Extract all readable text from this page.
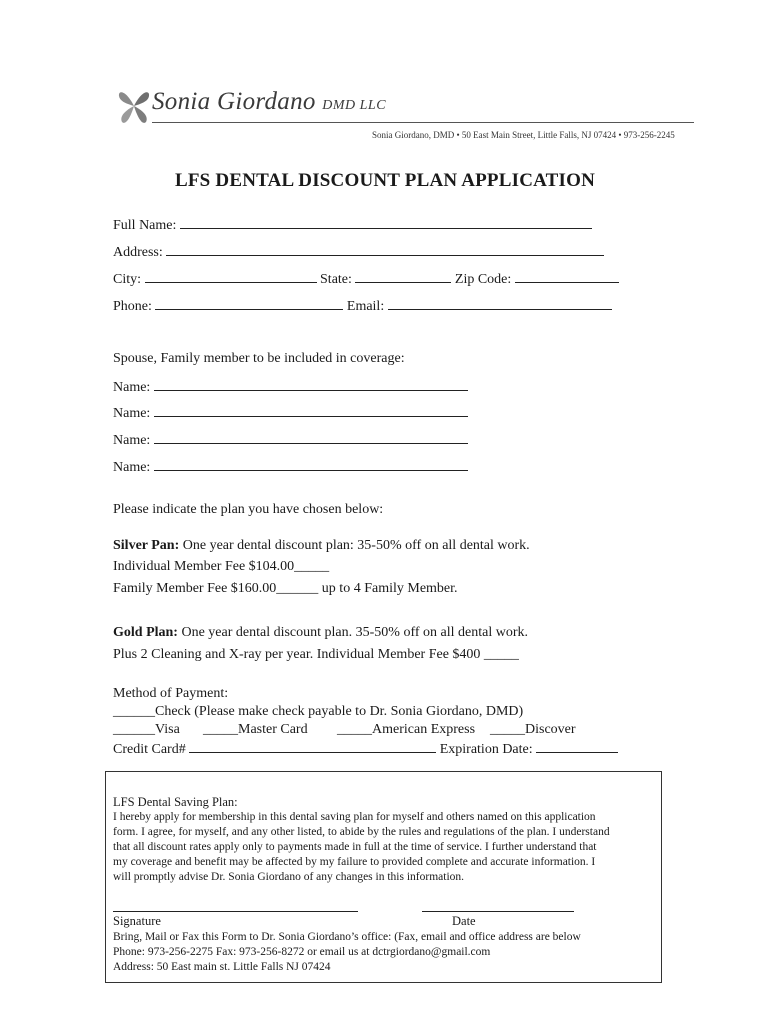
Sonia Giordano DMD LLC
Sonia Giordano, DMD • 50 East Main Street, Little Falls, NJ 07424 • 973-256-2245
LFS DENTAL DISCOUNT PLAN APPLICATION
Full Name:
Address:
City:	State:	Zip Code:
Phone:	Email:
Spouse, Family member to be included in coverage:
Name:
Name:
Name:
Name:
Please indicate the plan you have chosen below:
Silver Pan: One year dental discount plan: 35-50% off on all dental work.
Individual Member Fee $104.00_____
Family Member Fee $160.00______ up to 4 Family Member.
Gold Plan: One year dental discount plan. 35-50% off on all dental work.
Plus 2 Cleaning and X-ray per year. Individual Member Fee $400 _____
Method of Payment:
______Check (Please make check payable to Dr. Sonia Giordano, DMD)
______Visa _____Master Card _____American Express _____Discover
Credit Card#	Expiration Date:
LFS Dental Saving Plan:
I hereby apply for membership in this dental saving plan for myself and others named on this application
form. I agree, for myself, and any other listed, to abide by the rules and regulations of the plan. I understand
that all discount rates apply only to payments made in full at the time of service. I further understand that
my coverage and benefit may be affected by my failure to provided complete and accurate information. I
will promptly advise Dr. Sonia Giordano of any changes in this information.
Signature	Date
Bring, Mail or Fax this Form to Dr. Sonia Giordano’s office: (Fax, email and office address are below
Phone: 973-256-2275 Fax: 973-256-8272 or email us at dctrgiordano@gmail.com
Address: 50 East main st. Little Falls NJ 07424
